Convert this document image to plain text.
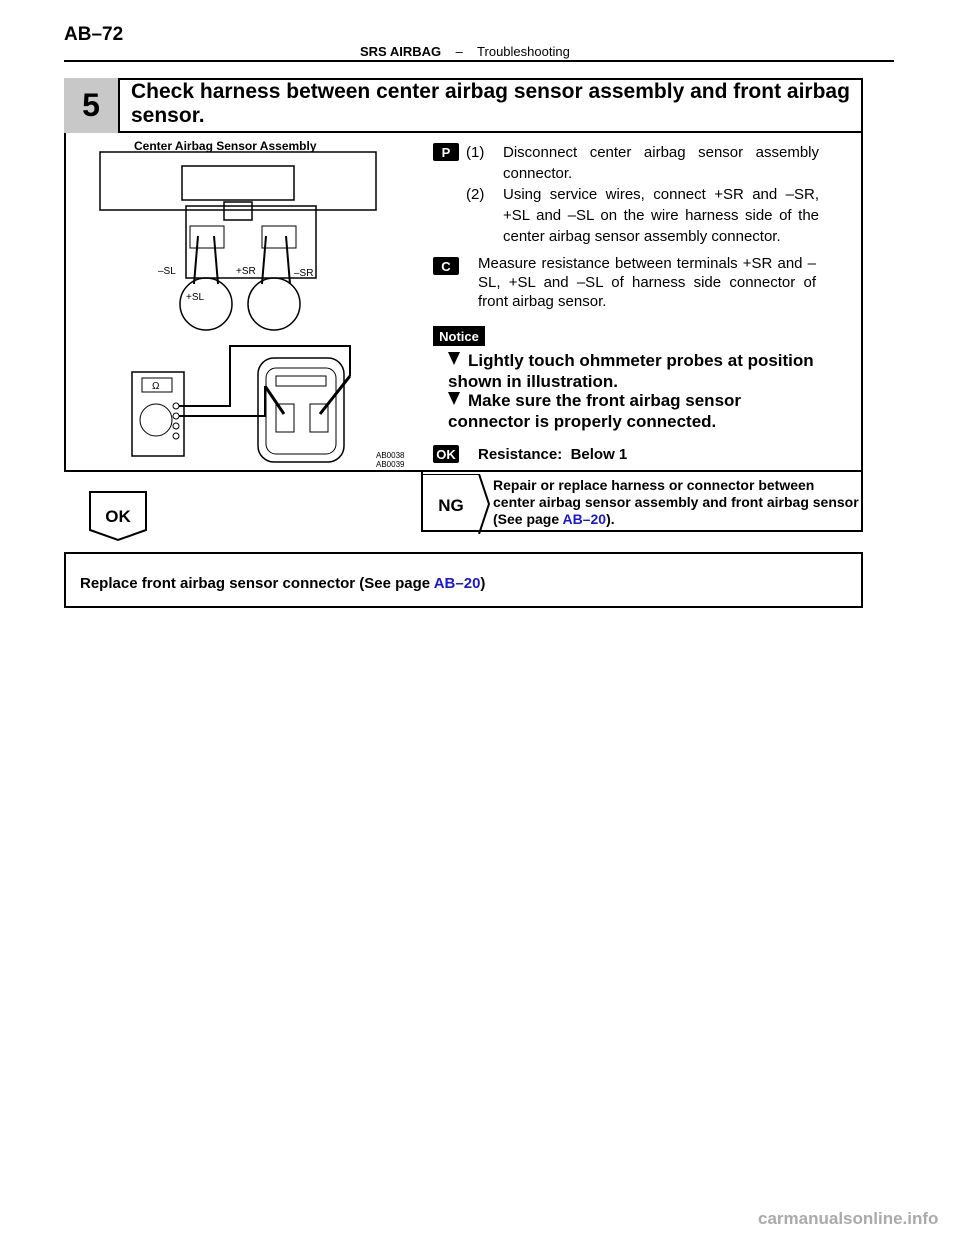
AB–72
SRS AIRBAG – Troubleshooting
5	Check harness between center airbag sensor assembly and front airbag sensor.
Center Airbag Sensor Assembly
–SL	+SR	–SR
+SL
Ω
AB0038
AB0039
P	(1) Disconnect center airbag sensor assembly connector.
(2) Using service wires, connect +SR and –SR, +SL and –SL on the wire harness side of the center airbag sensor assembly connector.
C	Measure resistance between terminals +SR and –SL, +SL and –SL of harness side connector of front airbag sensor.
Notice
Lightly touch ohmmeter probes at position shown in illustration.
Make sure the front airbag sensor connector is properly connected.
OK Resistance: Below 1
OK
NG
Repair or replace harness or connector between center airbag sensor assembly and front airbag sensor (See page AB–20).
Replace front airbag sensor connector (See page AB–20)
carmanualsonline.info
